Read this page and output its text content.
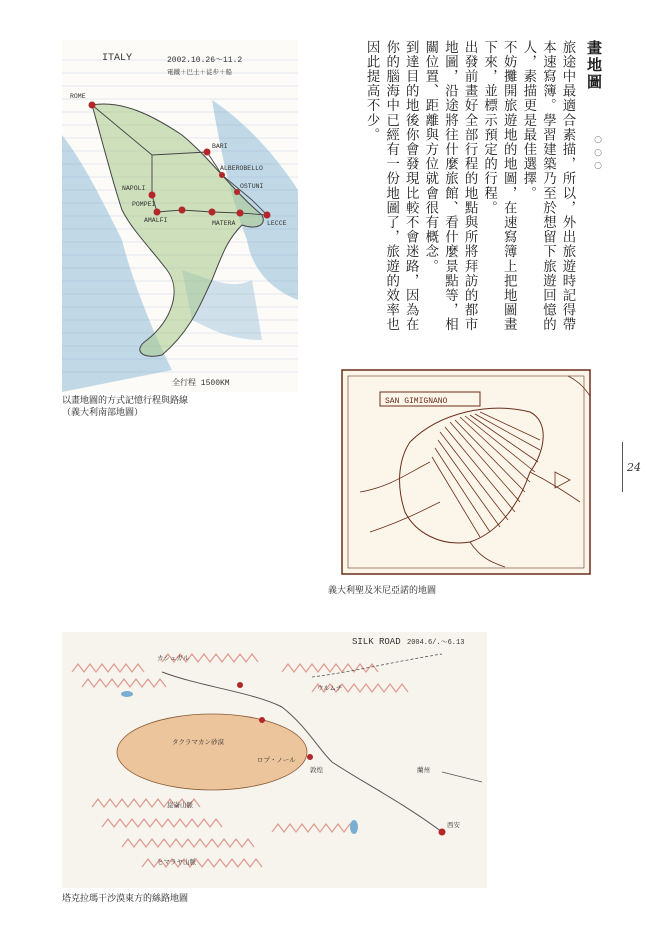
畫地圖
○○○

旅途中最適合素描，所以，外出旅遊時記得帶本速寫簿。學習建築乃至於想留下旅遊回憶的人，素描更是最佳選擇。

不妨攤開旅遊地的地圖，在速寫簿上把地圖畫下來，並標示預定的行程。

出發前畫好全部行程的地點與所將拜訪的都市地圖，沿途將往什麼旅館、看什麼景點等，相關位置、距離與方位就會很有概念。

到達目的地後你會發現比較不會迷路，因為在你的腦海中已經有一份地圖了，旅遊的效率也因此提高不少。

ITALY	2002.10.26～11.2
電鐵＋巴士＋徒步＋船
ROME
NAPOLI
POMPEI
AMALFI
BARI
ALBEROBELLO
OSTUNI
LECCE
MATERA
全行程 1500KM
以畫地圖的方式記憶行程與路線
（義大利南部地圖）
SAN GIMIGNANO
義大利聖及米尼亞諾的地圖
SILK ROAD 2004.6/.〜6.13
タクラマカン砂漠
ロプ・ノール
敦煌
西安
蘭州
ヒマラヤ山脈
カシュガル
ウルムチ
崑崙山脈
塔克拉瑪干沙漠東方的絲路地圖
24
